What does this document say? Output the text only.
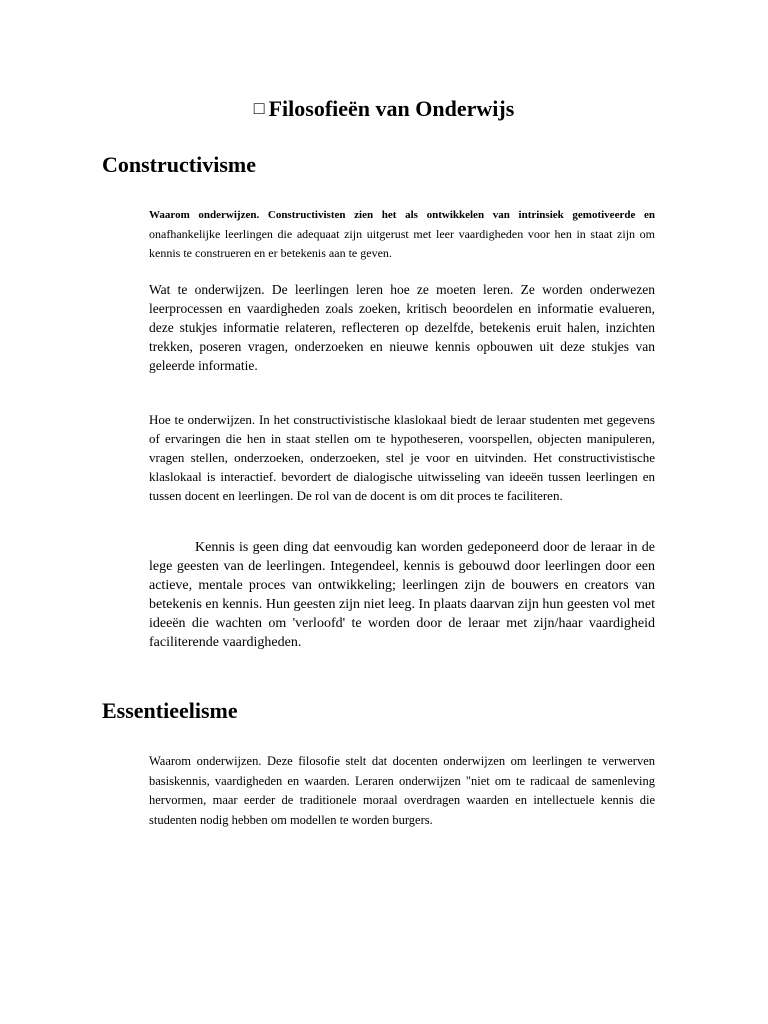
□ Filosofieën van Onderwijs
Constructivisme

Waarom onderwijzen. Constructivisten zien het als ontwikkelen van intrinsiek gemotiveerde en onafhankelijke leerlingen die adequaat zijn uitgerust met leer vaardigheden voor hen in staat zijn om kennis te construeren en er betekenis aan te geven.

Wat te onderwijzen. De leerlingen leren hoe ze moeten leren. Ze worden onderwezen leerprocessen en vaardigheden zoals zoeken, kritisch beoordelen en informatie evalueren, deze stukjes informatie relateren, reflecteren op dezelfde, betekenis eruit halen, inzichten trekken, poseren vragen, onderzoeken en nieuwe kennis opbouwen uit deze stukjes van geleerde informatie.

Hoe te onderwijzen. In het constructivistische klaslokaal biedt de leraar studenten met gegevens of ervaringen die hen in staat stellen om te hypotheseren, voorspellen, objecten manipuleren, vragen stellen, onderzoeken, onderzoeken, stel je voor en uitvinden. Het constructivistische klaslokaal is interactief. bevordert de dialogische uitwisseling van ideeën tussen leerlingen en tussen docent en leerlingen. De rol van de docent is om dit proces te faciliteren.

Kennis is geen ding dat eenvoudig kan worden gedeponeerd door de leraar in de lege geesten van de leerlingen. Integendeel, kennis is gebouwd door leerlingen door een actieve, mentale proces van ontwikkeling; leerlingen zijn de bouwers en creators van betekenis en kennis. Hun geesten zijn niet leeg. In plaats daarvan zijn hun geesten vol met ideeën die wachten om 'verloofd' te worden door de leraar met zijn/haar vaardigheid faciliterende vaardigheden.

Essentieelisme

Waarom onderwijzen. Deze filosofie stelt dat docenten onderwijzen om leerlingen te verwerven basiskennis, vaardigheden en waarden. Leraren onderwijzen "niet om te radicaal de samenleving hervormen, maar eerder de traditionele moraal overdragen waarden en intellectuele kennis die studenten nodig hebben om modellen te worden burgers.
